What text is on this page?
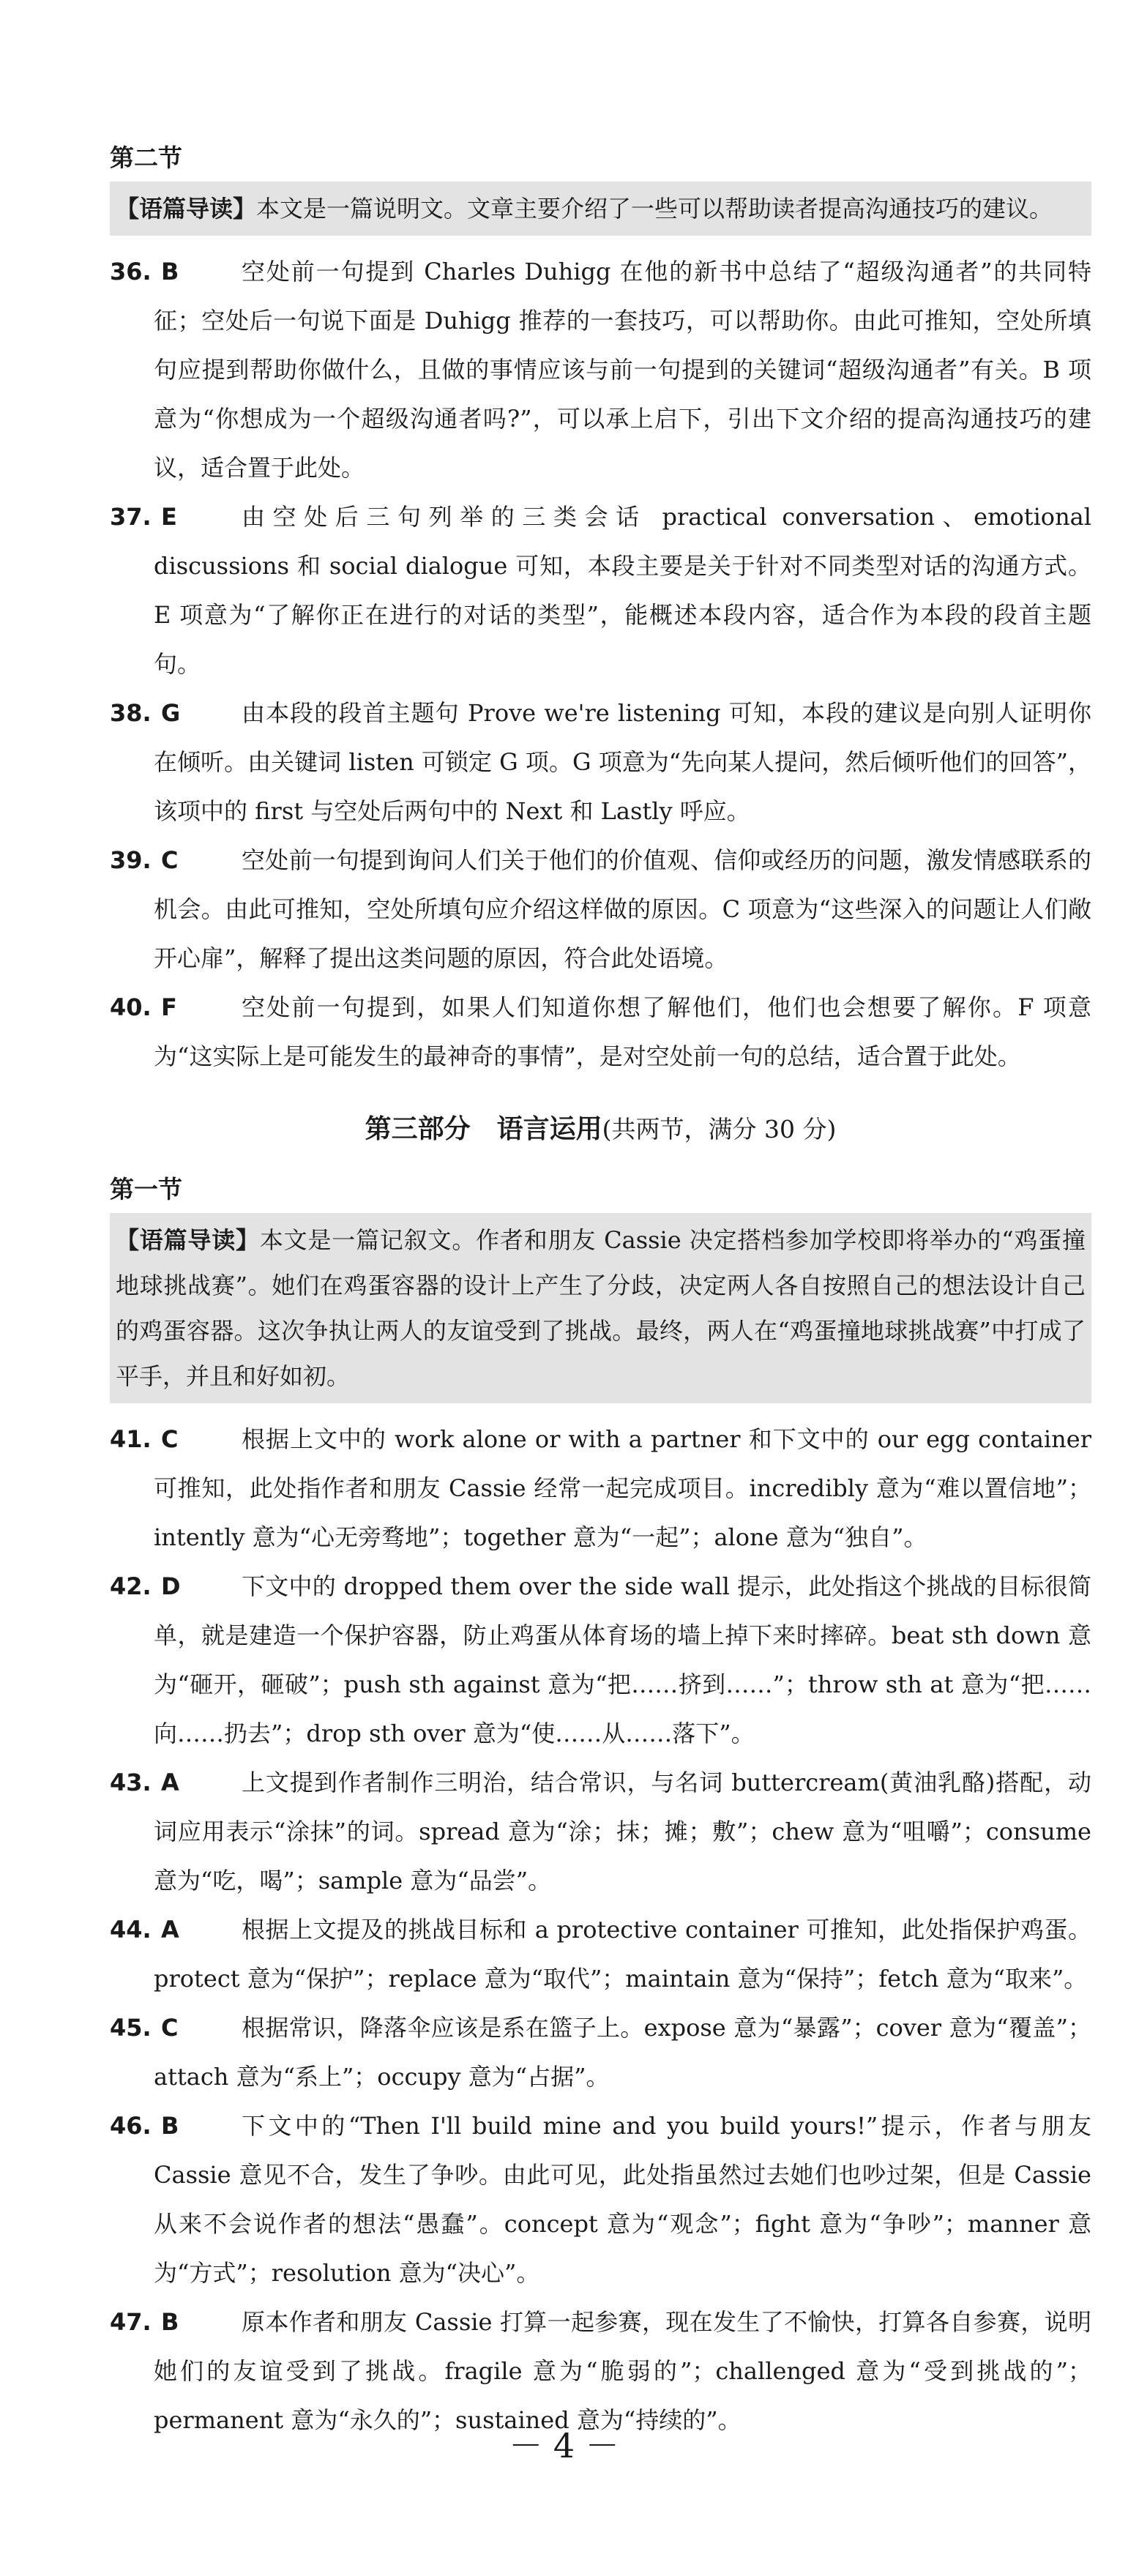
第二节
【语篇导读】本文是一篇说明文。文章主要介绍了一些可以帮助读者提高沟通技巧的建议。
36. B	空处前一句提到 Charles Duhigg 在他的新书中总结了“超级沟通者”的共同特征；空处后一句说下面是 Duhigg 推荐的一套技巧，可以帮助你。由此可推知，空处所填句应提到帮助你做什么，且做的事情应该与前一句提到的关键词“超级沟通者”有关。B 项意为“你想成为一个超级沟通者吗?”，可以承上启下，引出下文介绍的提高沟通技巧的建议，适合置于此处。
37. E	由空处后三句列举的三类会话 practical conversation、emotional discussions 和 social dialogue 可知，本段主要是关于针对不同类型对话的沟通方式。E 项意为“了解你正在进行的对话的类型”，能概述本段内容，适合作为本段的段首主题句。
38. G	由本段的段首主题句 Prove we're listening 可知，本段的建议是向别人证明你在倾听。由关键词 listen 可锁定 G 项。G 项意为“先向某人提问，然后倾听他们的回答”，该项中的 first 与空处后两句中的 Next 和 Lastly 呼应。
39. C	空处前一句提到询问人们关于他们的价值观、信仰或经历的问题，激发情感联系的机会。由此可推知，空处所填句应介绍这样做的原因。C 项意为“这些深入的问题让人们敞开心扉”，解释了提出这类问题的原因，符合此处语境。
40. F	空处前一句提到，如果人们知道你想了解他们，他们也会想要了解你。F 项意为“这实际上是可能发生的最神奇的事情”，是对空处前一句的总结，适合置于此处。
第三部分　语言运用(共两节，满分 30 分)
第一节
【语篇导读】本文是一篇记叙文。作者和朋友 Cassie 决定搭档参加学校即将举办的“鸡蛋撞地球挑战赛”。她们在鸡蛋容器的设计上产生了分歧，决定两人各自按照自己的想法设计自己的鸡蛋容器。这次争执让两人的友谊受到了挑战。最终，两人在“鸡蛋撞地球挑战赛”中打成了平手，并且和好如初。
41. C	根据上文中的 work alone or with a partner 和下文中的 our egg container 可推知，此处指作者和朋友 Cassie 经常一起完成项目。incredibly 意为“难以置信地”；intently 意为“心无旁骛地”；together 意为“一起”；alone 意为“独自”。
42. D	下文中的 dropped them over the side wall 提示，此处指这个挑战的目标很简单，就是建造一个保护容器，防止鸡蛋从体育场的墙上掉下来时摔碎。beat sth down 意为“砸开，砸破”；push sth against 意为“把……挤到……”；throw sth at 意为“把……向……扔去”；drop sth over 意为“使……从……落下”。
43. A	上文提到作者制作三明治，结合常识，与名词 buttercream(黄油乳酪)搭配，动词应用表示“涂抹”的词。spread 意为“涂；抹；摊；敷”；chew 意为“咀嚼”；consume 意为“吃，喝”；sample 意为“品尝”。
44. A	根据上文提及的挑战目标和 a protective container 可推知，此处指保护鸡蛋。protect 意为“保护”；replace 意为“取代”；maintain 意为“保持”；fetch 意为“取来”。
45. C	根据常识，降落伞应该是系在篮子上。expose 意为“暴露”；cover 意为“覆盖”；attach 意为“系上”；occupy 意为“占据”。
46. B	下文中的“Then I'll build mine and you build yours!”提示，作者与朋友 Cassie 意见不合，发生了争吵。由此可见，此处指虽然过去她们也吵过架，但是 Cassie 从来不会说作者的想法“愚蠢”。concept 意为“观念”；fight 意为“争吵”；manner 意为“方式”；resolution 意为“决心”。
47. B	原本作者和朋友 Cassie 打算一起参赛，现在发生了不愉快，打算各自参赛，说明她们的友谊受到了挑战。fragile 意为“脆弱的”；challenged 意为“受到挑战的”；permanent 意为“永久的”；sustained 意为“持续的”。
－ 4 －
